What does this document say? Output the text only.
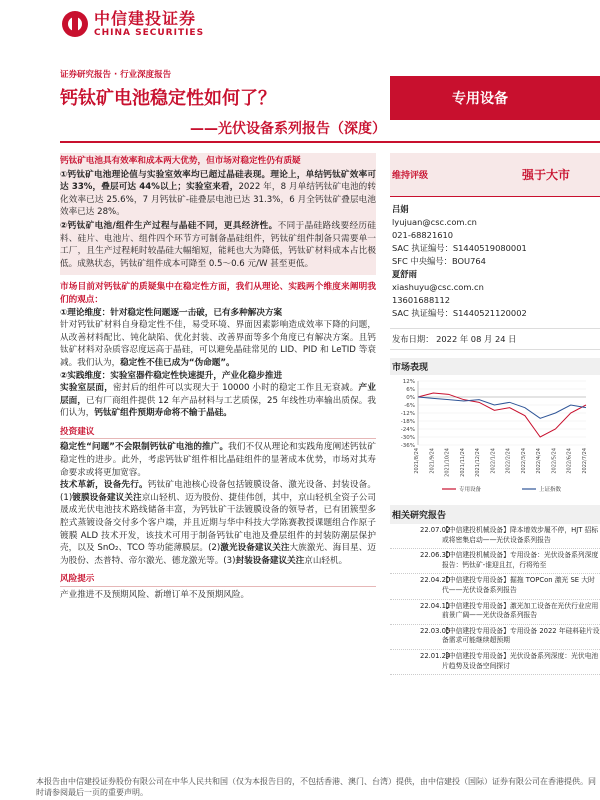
中信建投证券
CHINA SECURITIES
证券研究报告 · 行业深度报告
钙钛矿电池稳定性如何了？
——光伏设备系列报告（深度）
专用设备

钙钛矿电池具有效率和成本两大优势，但市场对稳定性仍有质疑

①钙钛矿电池理论值与实验室效率均已超过晶硅表现。理论上，单结钙钛矿效率可达 33%，叠层可达 44%以上；实验室来看，2022 年，8 月单结钙钛矿电池的转化效率已达 25.6%，7 月钙钛矿-硅叠层电池已达 31.3%，6 月全钙钛矿叠层电池效率已达 28%。

②钙钛矿电池/组件生产过程与晶硅不同，更具经济性。不同于晶硅路线要经历硅料、硅片、电池片、组件四个环节方可制备晶硅组件，钙钛矿组件制备只需要单一工厂，且生产过程耗时较晶硅大幅缩短，能耗也大为降低，钙钛矿材料成本占比极低。成熟状态，钙钛矿组件成本可降至 0.5～0.6 元/W 甚至更低。

市场目前对钙钛矿的质疑集中在稳定性方面，我们从理论、实践两个维度来阐明我们的观点：

①理论维度：针对稳定性问题逐一击破，已有多种解决方案

针对钙钛矿材料自身稳定性不佳，易受环境、界面因素影响造成效率下降的问题，从改善材料配比、钝化缺陷、优化封装、改善界面等多个角度已有解决方案。且钙钛矿材料对杂质容忍度远高于晶硅，可以避免晶硅常见的 LID、PID 和 LeTID 等衰减。我们认为，稳定性不佳已成为“伪命题”。

②实践维度：实验室器件稳定性快速提升，产业化稳步推进

实验室层面，密封后的组件可以实现大于 10000 小时的稳定工作且无衰减。产业层面，已有厂商组件提供 12 年产品材料与工艺质保，25 年线性功率输出质保。我们认为，钙钛矿组件预期寿命将不输于晶硅。

投资建议

稳定性“问题”不会限制钙钛矿电池的推广。我们不仅从理论和实践角度阐述钙钛矿稳定性的进步。此外，考虑钙钛矿组件相比晶硅组件的显著成本优势，市场对其寿命要求或将更加宽容。

技术革新，设备先行。钙钛矿电池核心设备包括镀膜设备、激光设备、封装设备。(1)镀膜设备建议关注京山轻机、迈为股份、捷佳伟创，其中，京山轻机全资子公司晟成光伏电池技术路线储备丰富，为钙钛矿干法镀膜设备的领导者，已有团簇型多腔式蒸镀设备交付多个客户端，并且近期与华中科技大学陈赛教授课题组合作原子镀膜 ALD 技术开发，该技术可用于制备钙钛矿电池及叠层组件的封装防潮层保护壳，以及 SnO₂、TCO 等功能薄膜层。(2)激光设备建议关注大族激光、海目星、迈为股份、杰普特、帝尔激光、德龙激光等。(3)封装设备建议关注京山轻机。

风险提示

产业推进不及预期风险、新增订单不及预期风险。

维持评级	强于大市
吕娟
lyujuan@csc.com.cn
021-68821610
SAC 执证编号：S1440519080001
SFC 中央编号：BOU764
夏舒雨
xiashuyu@csc.com.cn
13601688112
SAC 执证编号：S1440521120002
发布日期： 2022 年 08 月 24 日
市场表现
12%
6%
0%
-6%
-12%
-18%
-24%
-30%
-36%
2021/8/24 2021/9/24 2021/10/24 2021/11/24 2021/12/24 2022/1/24 2022/2/24 2022/3/24 2022/4/24 2022/5/24 2022/6/24 2022/7/24
专用设备	上证指数
相关研究报告
22.07.02
【中信建投机械设备】降本增效步履不停，HJT 招标或将密集启动——光伏设备系列报告
22.06.30
【中信建投机械设备】专用设备：光伏设备系列深度报告：钙钛矿-谁迎且扛，行将殆至
22.04.20
【中信建投专用设备】掘拖 TOPCon 激光 SE 大时代——光伏设备系列报告
22.04.11
【中信建投专用设备】激光加工设备在光伏行业应用前景广阔——光伏设备系列报告
22.03.05
【中信建投专用设备】专用设备 2022 年硅料硅片设备需求可能继续超预期
22.01.24
【中信建投专用设备】光伏设备系列深度：光伏电池片趋势及设备空间探讨
本报告由中信建投证券股份有限公司在中华人民共和国（仅为本报告目的，不包括香港、澳门、台湾）提供，由中信建投（国际）证券有限公司在香港提供。同时请参阅最后一页的重要声明。
